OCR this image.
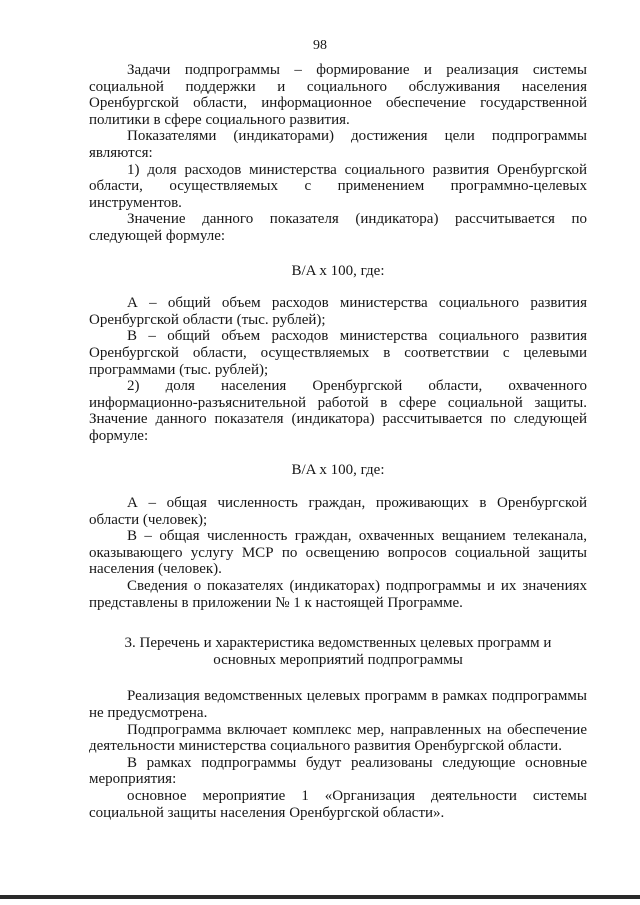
98

Задачи подпрограммы – формирование и реализация системы социальной поддержки и социального обслуживания населения Оренбургской области, информационное обеспечение государственной политики в сфере социального развития.

Показателями (индикаторами) достижения цели подпрограммы являются:

1) доля расходов министерства социального развития Оренбургской области, осуществляемых с применением программно-целевых инструментов.

Значение данного показателя (индикатора) рассчитывается по следующей формуле:

B/A x 100, где:

А – общий объем расходов министерства социального развития Оренбургской области (тыс. рублей);

В – общий объем расходов министерства социального развития Оренбургской области, осуществляемых в соответствии с целевыми программами (тыс. рублей);

2) доля населения Оренбургской области, охваченного информационно-разъяснительной работой в сфере социальной защиты. Значение данного показателя (индикатора) рассчитывается по следующей формуле:

B/A x 100, где:

А – общая численность граждан, проживающих в Оренбургской области (человек);

В – общая численность граждан, охваченных вещанием телеканала, оказывающего услугу МСР по освещению вопросов социальной защиты населения (человек).

Сведения о показателях (индикаторах) подпрограммы и их значениях представлены в приложении № 1 к настоящей Программе.

3. Перечень и характеристика ведомственных целевых программ и
основных мероприятий подпрограммы

Реализация ведомственных целевых программ в рамках подпрограммы не предусмотрена.

Подпрограмма включает комплекс мер, направленных на обеспечение деятельности министерства социального развития Оренбургской области.

В рамках подпрограммы будут реализованы следующие основные мероприятия:

основное мероприятие 1 «Организация деятельности системы социальной защиты населения Оренбургской области».
